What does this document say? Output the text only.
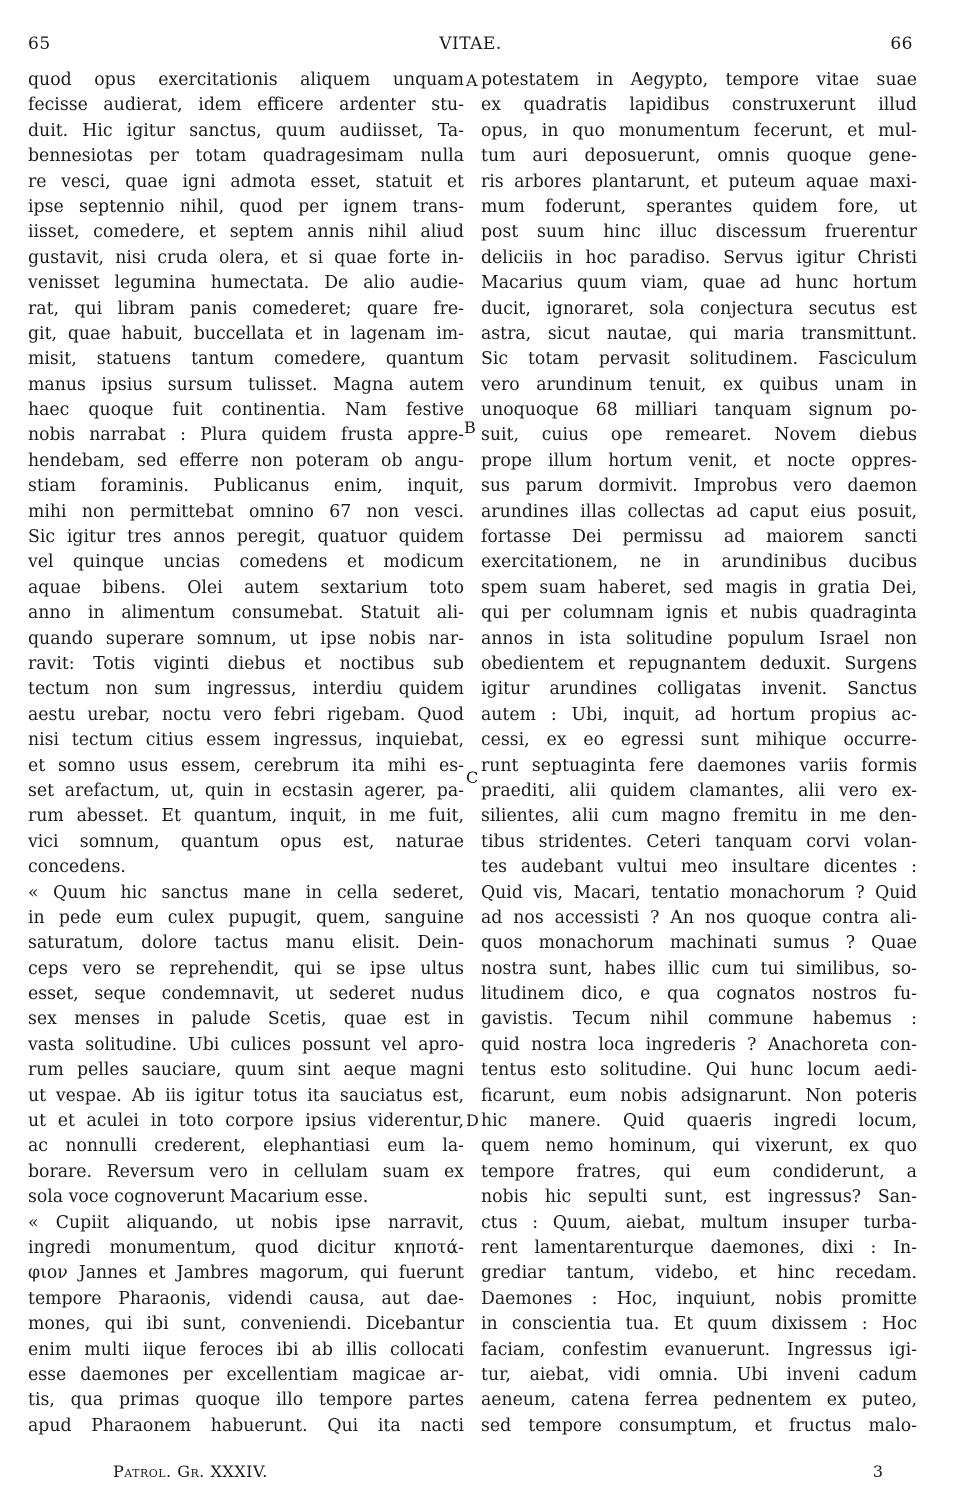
65	VITAE.	66
quod opus exercitationis aliquem unquam
fecisse audierat, idem efficere ardenter stu-
duit. Hic igitur sanctus, quum audiisset, Ta-
bennesiotas per totam quadragesimam nulla
re vesci, quae igni admota esset, statuit et
ipse septennio nihil, quod per ignem trans-
iisset, comedere, et septem annis nihil aliud
gustavit, nisi cruda olera, et si quae forte in-
venisset legumina humectata. De alio audie-
rat, qui libram panis comederet; quare fre-
git, quae habuit, buccellata et in lagenam im-
misit, statuens tantum comedere, quantum
manus ipsius sursum tulisset. Magna autem
haec quoque fuit continentia. Nam festive
nobis narrabat : Plura quidem frusta appre-
hendebam, sed efferre non poteram ob angu-
stiam foraminis. Publicanus enim, inquit,
mihi non permittebat omnino 67 non vesci.
Sic igitur tres annos peregit, quatuor quidem
vel quinque uncias comedens et modicum
aquae bibens. Olei autem sextarium toto
anno in alimentum consumebat. Statuit ali-
quando superare somnum, ut ipse nobis nar-
ravit: Totis viginti diebus et noctibus sub
tectum non sum ingressus, interdiu quidem
aestu urebar, noctu vero febri rigebam. Quod
nisi tectum citius essem ingressus, inquiebat,
et somno usus essem, cerebrum ita mihi es-
set arefactum, ut, quin in ecstasin agerer, pa-
rum abesset. Et quantum, inquit, in me fuit,
vici somnum, quantum opus est, naturae
concedens.
« Quum hic sanctus mane in cella sederet,
in pede eum culex pupugit, quem, sanguine
saturatum, dolore tactus manu elisit. Dein-
ceps vero se reprehendit, qui se ipse ultus
esset, seque condemnavit, ut sederet nudus
sex menses in palude Scetis, quae est in
vasta solitudine. Ubi culices possunt vel apro-
rum pelles sauciare, quum sint aeque magni
ut vespae. Ab iis igitur totus ita sauciatus est,
ut et aculei in toto corpore ipsius viderentur,
ac nonnulli crederent, elephantiasi eum la-
borare. Reversum vero in cellulam suam ex
sola voce cognoverunt Macarium esse.
« Cupiit aliquando, ut nobis ipse narravit,
ingredi monumentum, quod dicitur κηποτά-
φιον Jannes et Jambres magorum, qui fuerunt
tempore Pharaonis, videndi causa, aut dae-
mones, qui ibi sunt, conveniendi. Dicebantur
enim multi iique feroces ibi ab illis collocati
esse daemones per excellentiam magicae ar-
tis, qua primas quoque illo tempore partes
apud Pharaonem habuerunt. Qui ita nacti
potestatem in Aegypto, tempore vitae suae
ex quadratis lapidibus construxerunt illud
opus, in quo monumentum fecerunt, et mul-
tum auri deposuerunt, omnis quoque gene-
ris arbores plantarunt, et puteum aquae maxi-
mum foderunt, sperantes quidem fore, ut
post suum hinc illuc discessum fruerentur
deliciis in hoc paradiso. Servus igitur Christi
Macarius quum viam, quae ad hunc hortum
ducit, ignoraret, sola conjectura secutus est
astra, sicut nautae, qui maria transmittunt.
Sic totam pervasit solitudinem. Fasciculum
vero arundinum tenuit, ex quibus unam in
unoquoque 68 milliari tanquam signum po-
suit, cuius ope remearet. Novem diebus
prope illum hortum venit, et nocte oppres-
sus parum dormivit. Improbus vero daemon
arundines illas collectas ad caput eius posuit,
fortasse Dei permissu ad maiorem sancti
exercitationem, ne in arundinibus ducibus
spem suam haberet, sed magis in gratia Dei,
qui per columnam ignis et nubis quadraginta
annos in ista solitudine populum Israel non
obedientem et repugnantem deduxit. Surgens
igitur arundines colligatas invenit. Sanctus
autem : Ubi, inquit, ad hortum propius ac-
cessi, ex eo egressi sunt mihique occurre-
runt septuaginta fere daemones variis formis
praediti, alii quidem clamantes, alii vero ex-
silientes, alii cum magno fremitu in me den-
tibus stridentes. Ceteri tanquam corvi volan-
tes audebant vultui meo insultare dicentes :
Quid vis, Macari, tentatio monachorum ? Quid
ad nos accessisti ? An nos quoque contra ali-
quos monachorum machinati sumus ? Quae
nostra sunt, habes illic cum tui similibus, so-
litudinem dico, e qua cognatos nostros fu-
gavistis. Tecum nihil commune habemus :
quid nostra loca ingrederis ? Anachoreta con-
tentus esto solitudine. Qui hunc locum aedi-
ficarunt, eum nobis adsignarunt. Non poteris
hic manere. Quid quaeris ingredi locum,
quem nemo hominum, qui vixerunt, ex quo
tempore fratres, qui eum condiderunt, a
nobis hic sepulti sunt, est ingressus? San-
ctus : Quum, aiebat, multum insuper turba-
rent lamentarenturque daemones, dixi : In-
grediar tantum, videbo, et hinc recedam.
Daemones : Hoc, inquiunt, nobis promitte
in conscientia tua. Et quum dixissem : Hoc
faciam, confestim evanuerunt. Ingressus igi-
tur, aiebat, vidi omnia. Ubi inveni cadum
aeneum, catena ferrea pednentem ex puteo,
sed tempore consumptum, et fructus malo-
A
B
C
D
Patrol. Gr. XXXIV.	3
